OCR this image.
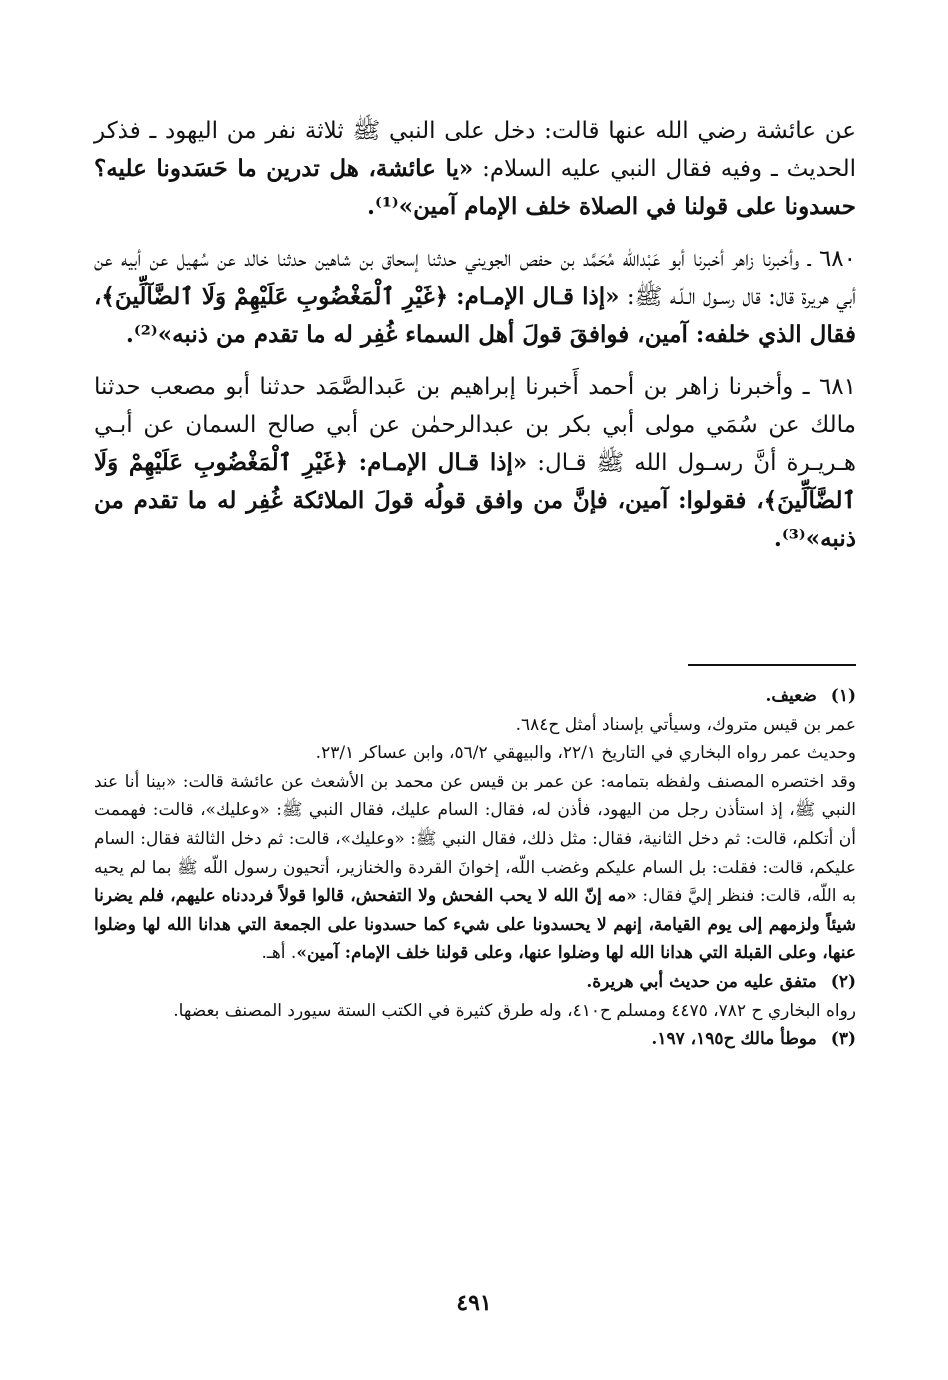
عن عائشة رضي الله عنها قالت: دخل على النبي ﷺ ثلاثة نفر من اليهود ـ فذكر الحديث ـ وفيه فقال النبي عليه السلام: «يا عائشة، هل تدرين ما حَسَدونا عليه؟ حسدونا على قولنا في الصلاة خلف الإمام آمين»⁽¹⁾.

٦٨٠ ـ وأخبرنا زاهر أخبرنا أبو عَبْدالله مُحَمَّد بن حفص الجويني حدثنا إسحاق بن شاهين حدثنا خالد عن سُهيل عن أبيه عن أبي هريرة قال: قال رسـول الـلّـه ﷺ: «إذا قـال الإمـام: ﴿غَيْرِ ٱلْمَغْضُوبِ عَلَيْهِمْ وَلَا ٱلضَّآلِّينَ﴾، فقال الذي خلفه: آمين، فوافقَ قولَ أهل السماء غُفِر له ما تقدم من ذنبه»⁽²⁾.

٦٨١ ـ وأخبرنا زاهر بن أحمد أَخبرنا إبراهيم بن عَبدالصَّمَد حدثنا أبو مصعب حدثنا مالك عن سُمَي مولى أبي بكر بن عبدالرحمٰن عن أبي صالح السمان عن أبـي هـريـرة أنَّ رسـول الله ﷺ قـال: «إذا قـال الإمـام: ﴿غَيْرِ ٱلْمَغْضُوبِ عَلَيْهِمْ وَلَا ٱلضَّآلِّينَ﴾، فقولوا: آمين، فإنَّ من وافق قولُه قولَ الملائكة غُفِر له ما تقدم من ذنبه»⁽³⁾.

(١)
ضعيف.

عمر بن قيس متروك، وسيأتي بإسناد أمثل ح٦٨٤.

وحديث عمر رواه البخاري في التاريخ ٢٢/١، والبيهقي ٥٦/٢، وابن عساكر ٢٣/١.

وقد اختصره المصنف ولفظه بتمامه: عن عمر بن قيس عن محمد بن الأشعث عن عائشة قالت: «بينا أنا عند النبي ﷺ، إذ استأذن رجل من اليهود، فأذن له، فقال: السام عليك، فقال النبي ﷺ: «وعليك»، قالت: فهممت أن أتكلم، قالت: ثم دخل الثانية، فقال: مثل ذلك، فقال النبي ﷺ: «وعليك»، قالت: ثم دخل الثالثة فقال: السام عليكم، قالت: فقلت: بل السام عليكم وغضب اللّه، إخوانَ القردة والخنازير، أتحيون رسول اللّه ﷺ بما لم يحيه به اللّه، قالت: فنظر إليَّ فقال: «مه إنّ الله لا يحب الفحش ولا التفحش، قالوا قولاً فرددناه عليهم، فلم يضرنا شيئاً ولزمهم إلى يوم القيامة، إنهم لا يحسدونا على شيء كما حسدونا على الجمعة التي هدانا الله لها وضلوا عنها، وعلى القبلة التي هدانا الله لها وضلوا عنها، وعلى قولنا خلف الإمام: آمين». أهـ.

(٢)
متفق عليه من حديث أبي هريرة.

رواه البخاري ح ٧٨٢، ٤٤٧٥ ومسلم ح٤١٠، وله طرق كثيرة في الكتب الستة سيورد المصنف بعضها.

(٣)
موطأ مالك ح١٩٥، ١٩٧.
٤٩١
